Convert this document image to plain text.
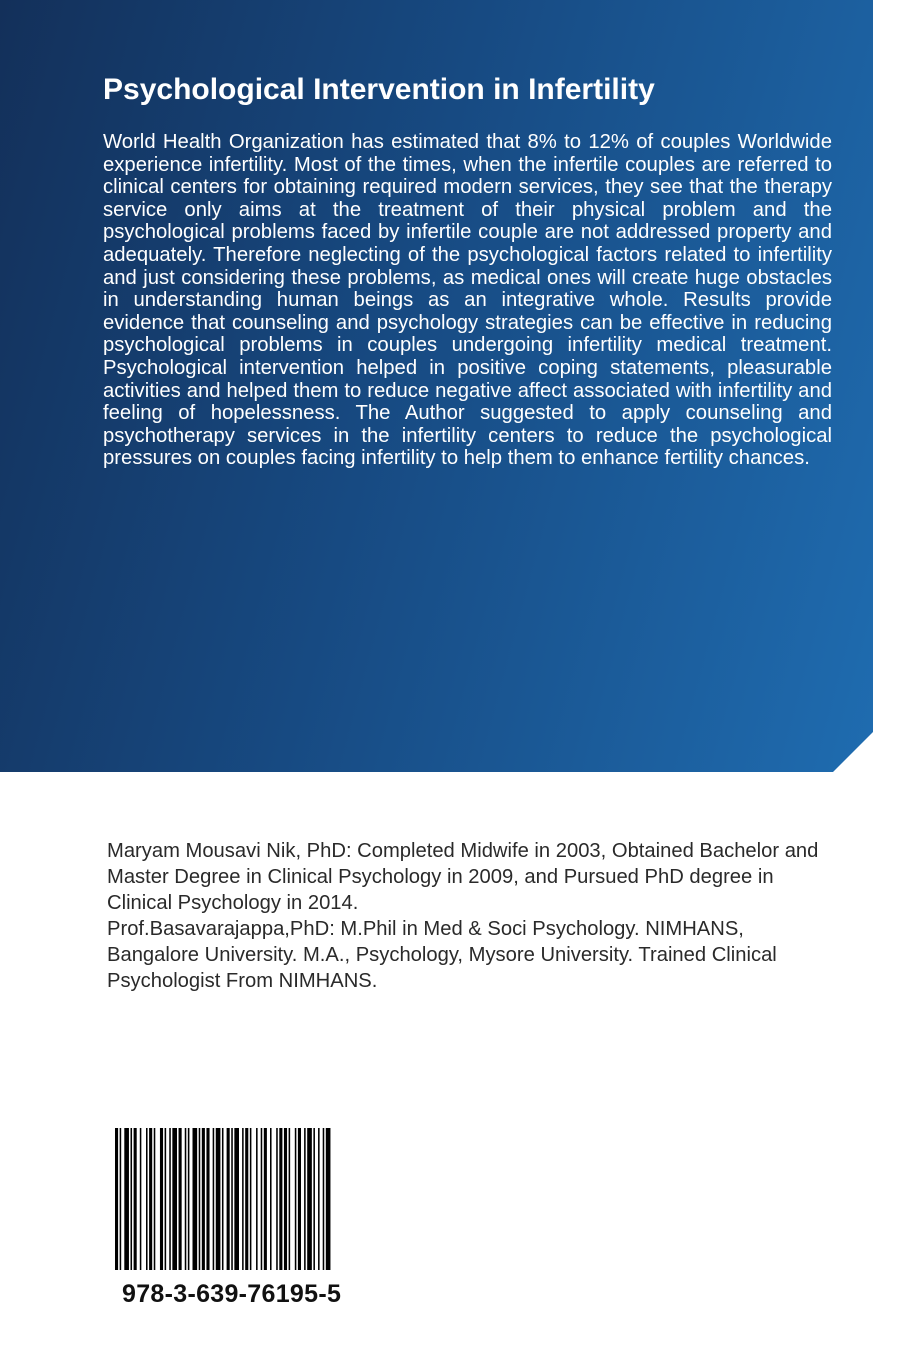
Psychological Intervention in Infertility

World Health Organization has estimated that 8% to 12% of couples Worldwide experience infertility. Most of the times, when the infertile couples are referred to clinical centers for obtaining required modern services, they see that the therapy service only aims at the treatment of their physical problem and the psychological problems faced by infertile couple are not addressed property and adequately. Therefore neglecting of the psychological factors related to infertility and just considering these problems, as medical ones will create huge obstacles in understanding human beings as an integrative whole. Results provide evidence that counseling and psychology strategies can be effective in reducing psychological problems in couples undergoing infertility medical treatment. Psychological intervention helped in positive coping statements, pleasurable activities and helped them to reduce negative affect associated with infertility and feeling of hopelessness. The Author suggested to apply counseling and psychotherapy services in the infertility centers to reduce the psychological pressures on couples facing infertility to help them to enhance fertility chances.

Maryam Mousavi Nik, PhD: Completed Midwife in 2003, Obtained Bachelor and Master Degree in Clinical Psychology in 2009, and Pursued PhD degree in Clinical Psychology in 2014.

Prof.Basavarajappa,PhD: M.Phil in Med & Soci Psychology. NIMHANS, Bangalore University. M.A., Psychology, Mysore University. Trained Clinical Psychologist From NIMHANS.

978-3-639-76195-5
